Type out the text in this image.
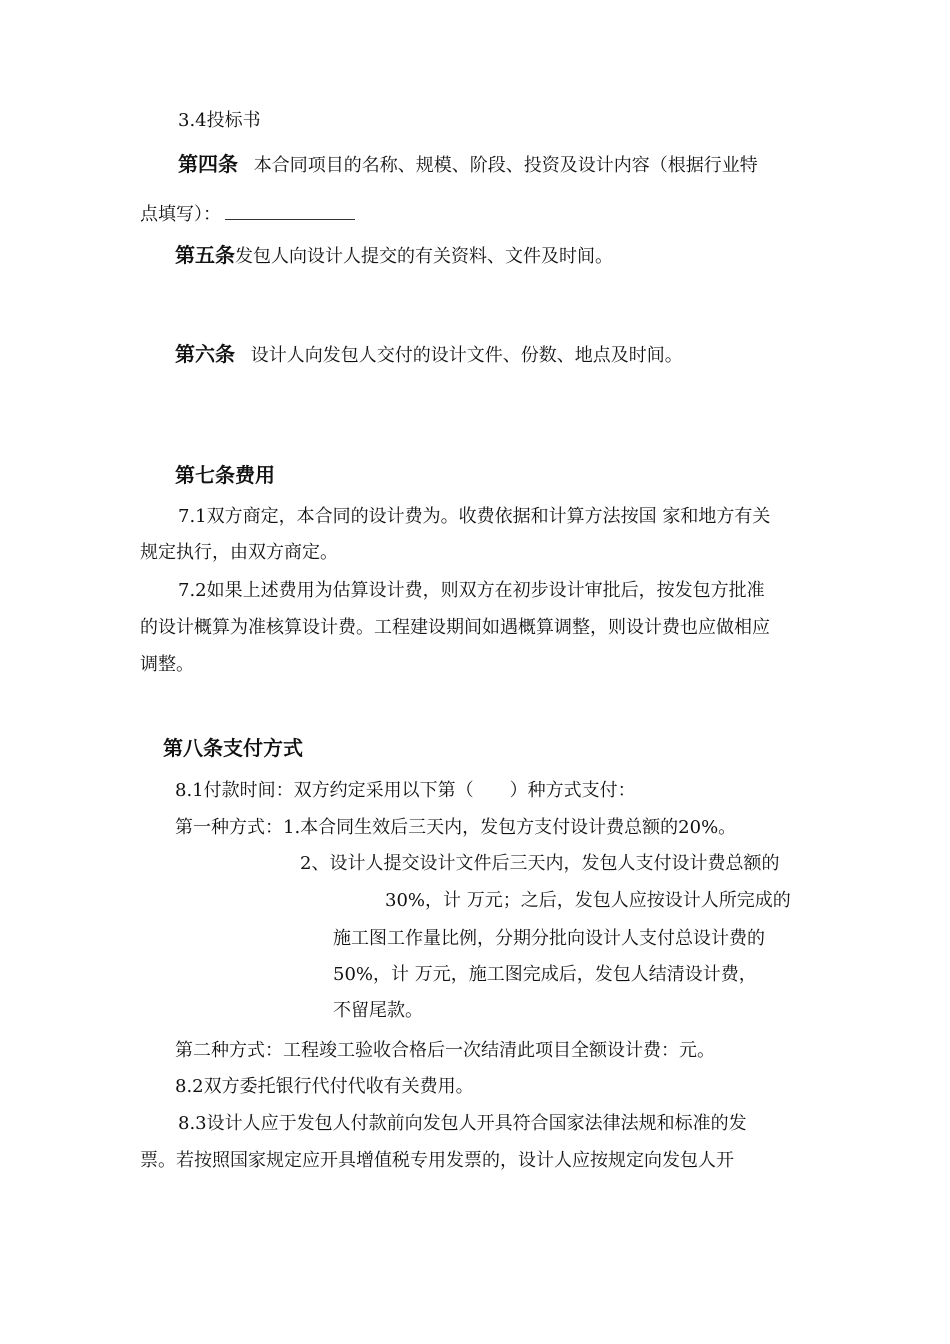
3.4投标书
第四条 本合同项目的名称、规模、阶段、投资及设计内容（根据行业特
点填写）：
第五条发包人向设计人提交的有关资料、文件及时间。
第六条 设计人向发包人交付的设计文件、份数、地点及时间。
第七条费用
7.1双方商定，本合同的设计费为。收费依据和计算方法按国 家和地方有关
规定执行，由双方商定。
7.2如果上述费用为估算设计费，则双方在初步设计审批后，按发包方批准
的设计概算为准核算设计费。工程建设期间如遇概算调整，则设计费也应做相应
调整。
第八条支付方式
8.1付款时间：双方约定采用以下第（　　）种方式支付：
第一种方式：1.本合同生效后三天内，发包方支付设计费总额的20%。
2、设计人提交设计文件后三天内，发包人支付设计费总额的
30%，计 万元；之后，发包人应按设计人所完成的
施工图工作量比例，分期分批向设计人支付总设计费的
50%，计 万元，施工图完成后，发包人结清设计费，
不留尾款。
第二种方式：工程竣工验收合格后一次结清此项目全额设计费：元。
8.2双方委托银行代付代收有关费用。
8.3设计人应于发包人付款前向发包人开具符合国家法律法规和标准的发
票。若按照国家规定应开具增值税专用发票的，设计人应按规定向发包人开
